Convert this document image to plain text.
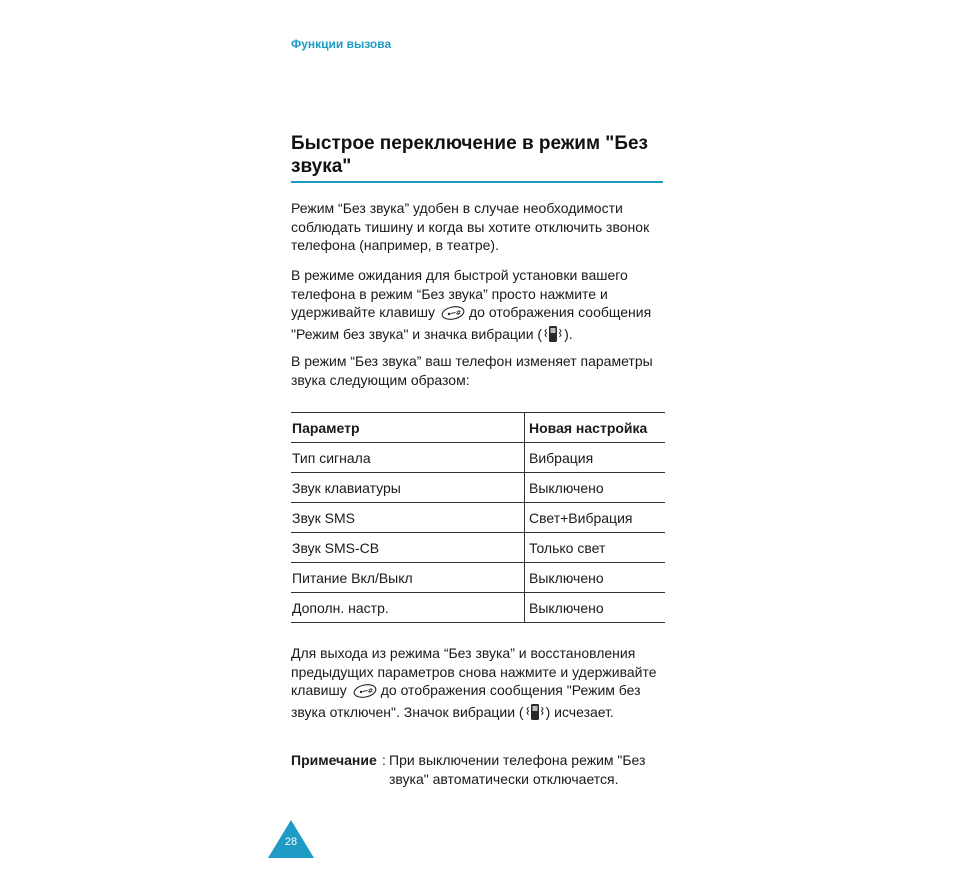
Функции вызова
Быстрое переключение в режим "Без звука"
Режим “Без звука” удобен в случае необходимости соблюдать тишину и когда вы хотите отключить звонок телефона (например, в театре).
В режиме ожидания для быстрой установки вашего телефона в режим “Без звука” просто нажмите и удерживайте клавишу	# до отображения сообщения "Режим без звука" и значка вибрации ( ).
В режим “Без звука” ваш телефон изменяет параметры звука следующим образом:
Параметр	Новая настройка
Тип сигнала	Вибрация
Звук клавиатуры	Выключено
Звук SMS	Свет+Вибрация
Звук SMS-CB	Только свет
Питание Вкл/Выкл	Выключено
Дополн. настр.	Выключено
Для выхода из режима “Без звука” и восстановления предыдущих параметров снова нажмите и удерживайте клавишу	# до отображения сообщения "Режим без звука отключен". Значок вибрации ( ) исчезает.
Примечание : При выключении телефона режим "Без звука" автоматически отключается.
28
